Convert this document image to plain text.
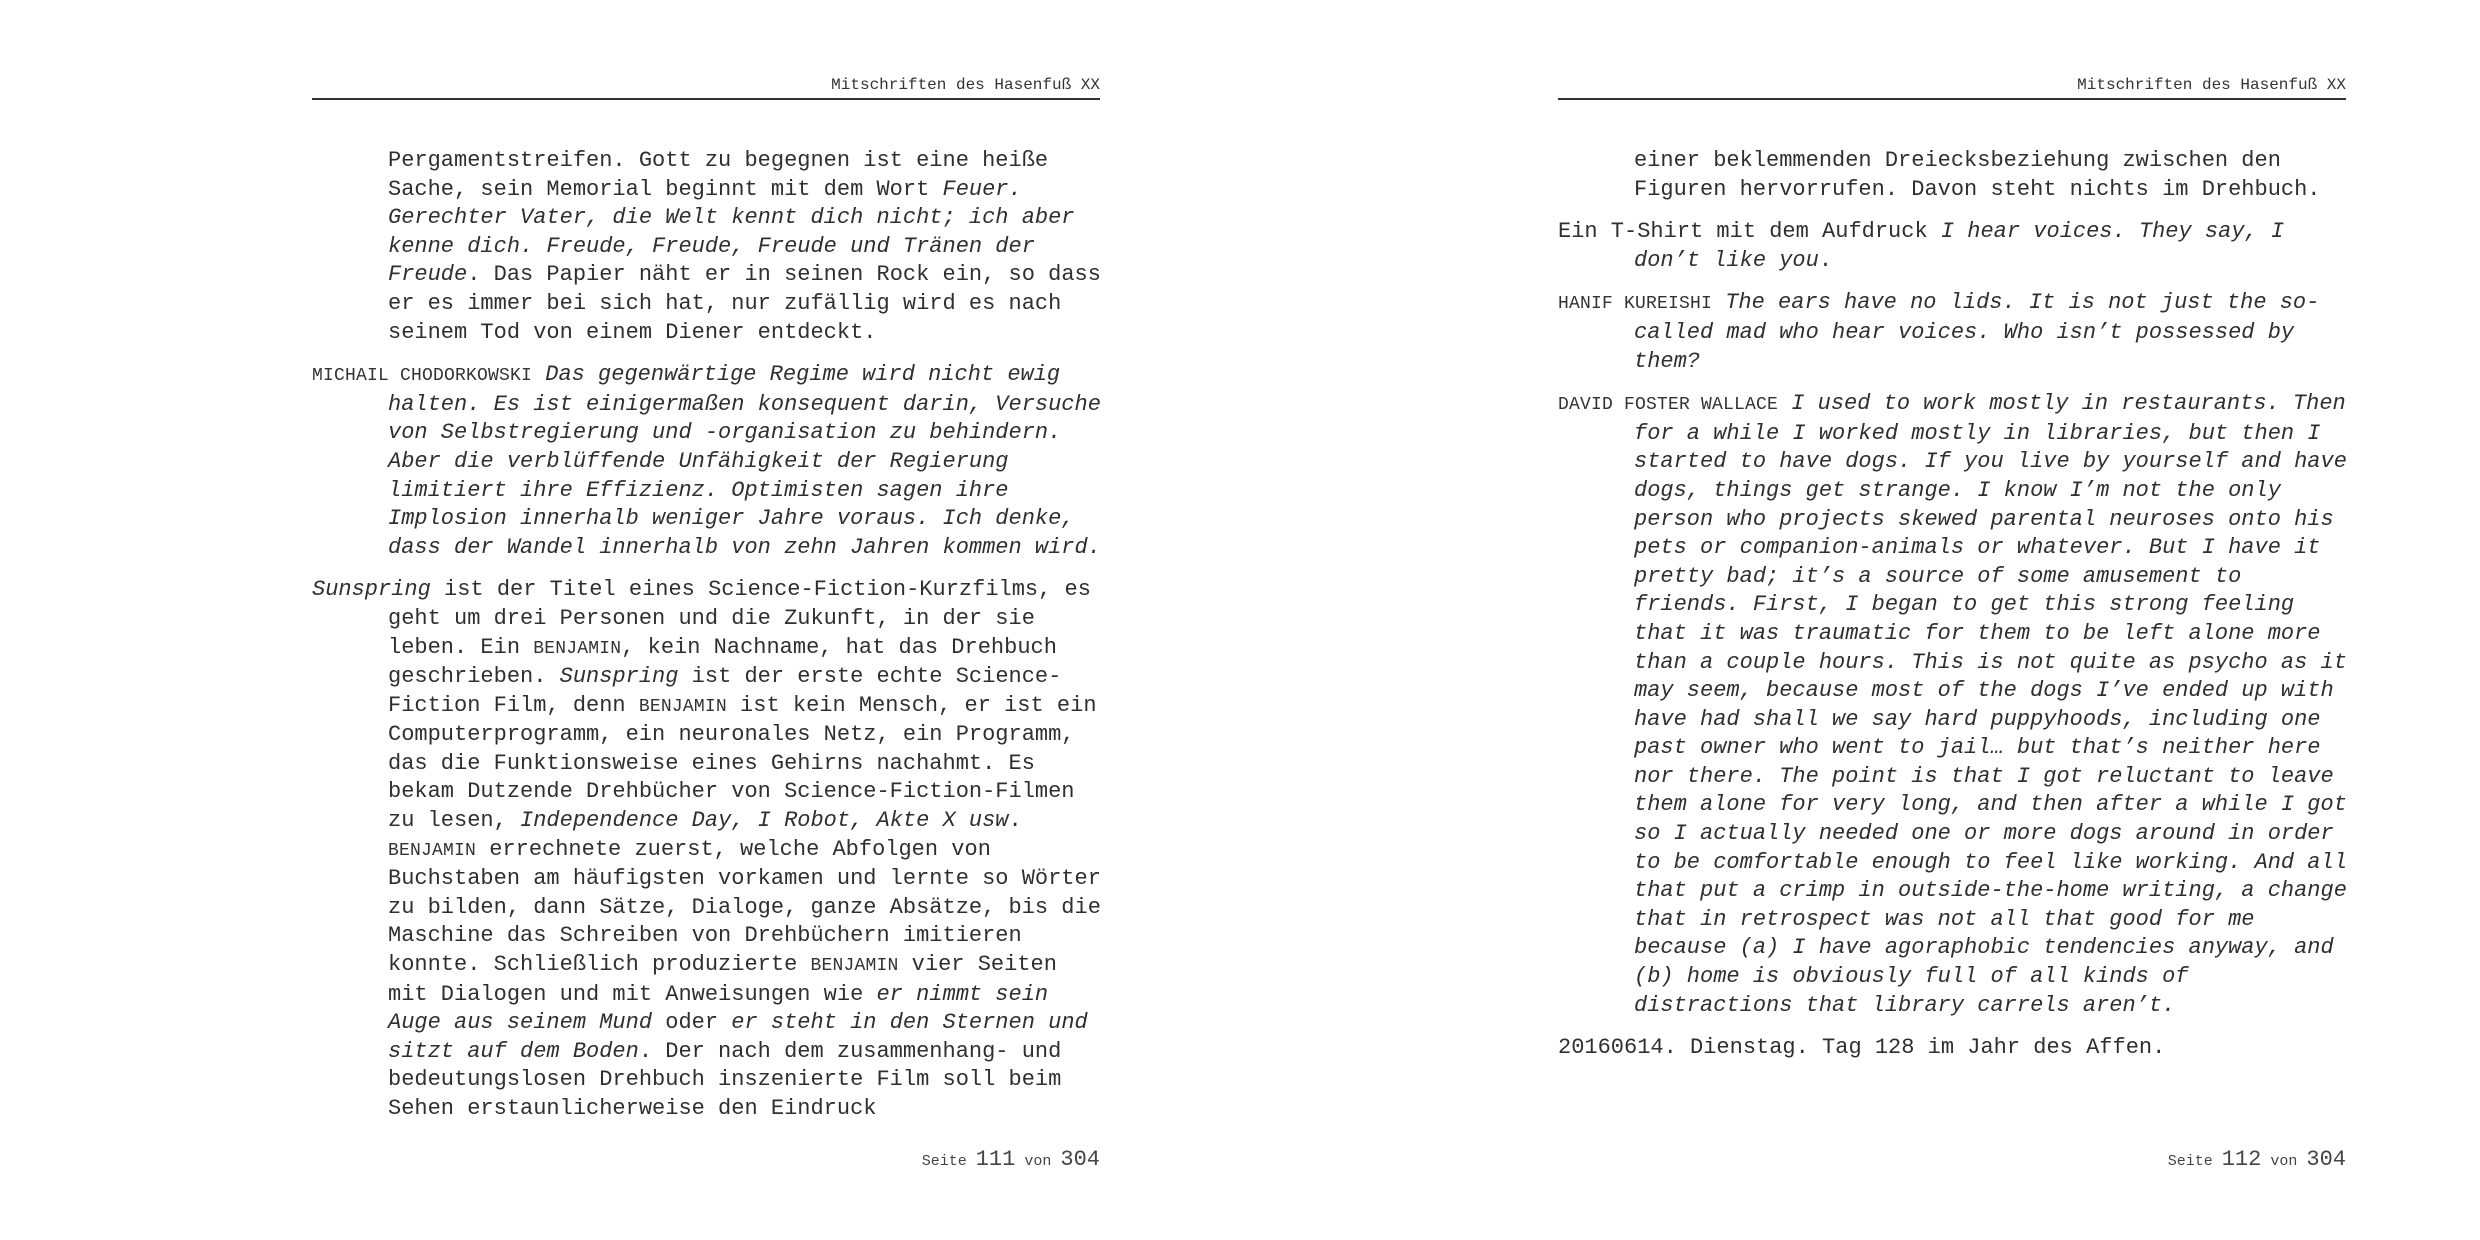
Mitschriften des Hasenfuß XX

Pergamentstreifen. Gott zu begegnen ist eine heiße Sache, sein Memorial beginnt mit dem Wort Feuer. Gerechter Vater, die Welt kennt dich nicht; ich aber kenne dich. Freude, Freude, Freude und Tränen der Freude. Das Papier näht er in seinen Rock ein, so dass er es immer bei sich hat, nur zufällig wird es nach seinem Tod von einem Diener entdeckt.

MICHAIL CHODORKOWSKI Das gegenwärtige Regime wird nicht ewig halten. Es ist einigermaßen konsequent darin, Versuche von Selbstregierung und -organisation zu behindern. Aber die verblüffende Unfähigkeit der Regierung limitiert ihre Effizienz. Optimisten sagen ihre Implosion innerhalb weniger Jahre voraus. Ich denke, dass der Wandel innerhalb von zehn Jahren kommen wird.

Sunspring ist der Titel eines Science-Fiction-Kurzfilms, es geht um drei Personen und die Zukunft, in der sie leben. Ein BENJAMIN, kein Nachname, hat das Drehbuch geschrieben. Sunspring ist der erste echte Science-Fiction Film, denn BENJAMIN ist kein Mensch, er ist ein Computerprogramm, ein neuronales Netz, ein Programm, das die Funktionsweise eines Gehirns nachahmt. Es bekam Dutzende Drehbücher von Science-Fiction-Filmen zu lesen, Independence Day, I Robot, Akte X usw. BENJAMIN errechnete zuerst, welche Abfolgen von Buchstaben am häufigsten vorkamen und lernte so Wörter zu bilden, dann Sätze, Dialoge, ganze Absätze, bis die Maschine das Schreiben von Drehbüchern imitieren konnte. Schließlich produzierte BENJAMIN vier Seiten mit Dialogen und mit Anweisungen wie er nimmt sein Auge aus seinem Mund oder er steht in den Sternen und sitzt auf dem Boden. Der nach dem zusammenhang- und bedeutungslosen Drehbuch inszenierte Film soll beim Sehen erstaunlicherweise den Eindruck

Seite 111 von 304
Mitschriften des Hasenfuß XX

einer beklemmenden Dreiecksbeziehung zwischen den Figuren hervorrufen. Davon steht nichts im Drehbuch.

Ein T-Shirt mit dem Aufdruck I hear voices. They say, I don’t like you.

HANIF KUREISHI The ears have no lids. It is not just the so-called mad who hear voices. Who isn’t possessed by them?

DAVID FOSTER WALLACE I used to work mostly in restaurants. Then for a while I worked mostly in libraries, but then I started to have dogs. If you live by yourself and have dogs, things get strange. I know I’m not the only person who projects skewed parental neuroses onto his pets or companion-animals or whatever. But I have it pretty bad; it’s a source of some amusement to friends. First, I began to get this strong feeling that it was traumatic for them to be left alone more than a couple hours. This is not quite as psycho as it may seem, because most of the dogs I’ve ended up with have had shall we say hard puppyhoods, including one past owner who went to jail… but that’s neither here nor there. The point is that I got reluctant to leave them alone for very long, and then after a while I got so I actually needed one or more dogs around in order to be comfortable enough to feel like working. And all that put a crimp in outside-the-home writing, a change that in retrospect was not all that good for me because (a) I have agoraphobic tendencies anyway, and (b) home is obviously full of all kinds of distractions that library carrels aren’t.

20160614. Dienstag. Tag 128 im Jahr des Affen.

Seite 112 von 304
